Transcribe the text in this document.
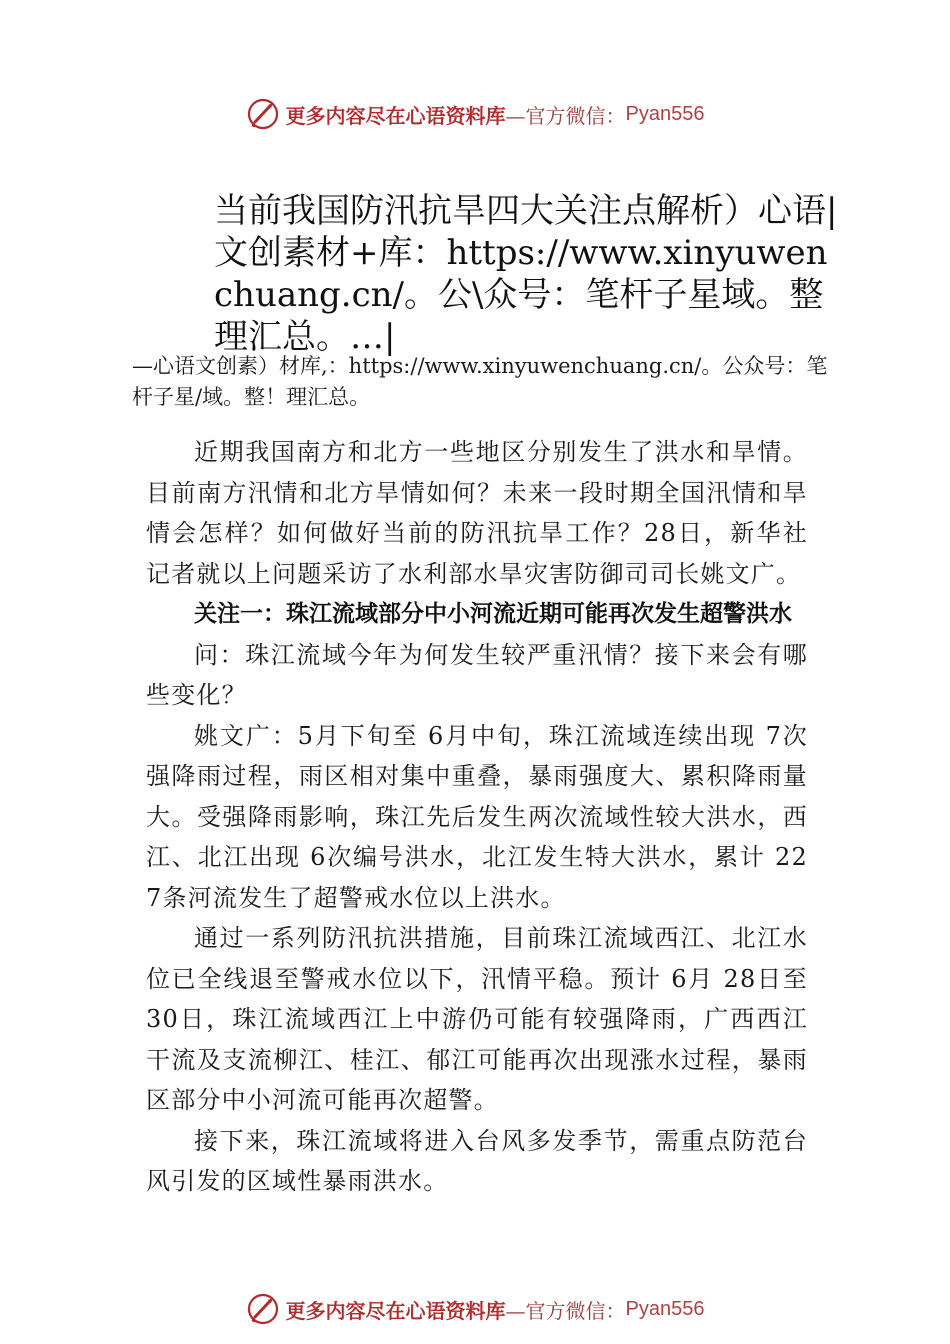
更多内容尽在心语资料库 —官方微信： Pyan556
当前我国防汛抗旱四大关注点解析）心语|文创素材+库：https://www.xinyuwenchuang.cn/。公\众号：笔杆子星域。整理汇总。…|
—心语文创素）材库,：https://www.xinyuwenchuang.cn/。公众号：笔杆子星/域。整！理汇总。

近期我国南方和北方一些地区分别发生了洪水和旱情。目前南方汛情和北方旱情如何？未来一段时期全国汛情和旱情会怎样？如何做好当前的防汛抗旱工作？28日，新华社记者就以上问题采访了水利部水旱灾害防御司司长姚文广。

关注一：珠江流域部分中小河流近期可能再次发生超警洪水

问：珠江流域今年为何发生较严重汛情？接下来会有哪些变化？

姚文广：5月下旬至 6月中旬，珠江流域连续出现 7次强降雨过程，雨区相对集中重叠，暴雨强度大、累积降雨量大。受强降雨影响，珠江先后发生两次流域性较大洪水，西江、北江出现 6次编号洪水，北江发生特大洪水，累计 227条河流发生了超警戒水位以上洪水。

通过一系列防汛抗洪措施，目前珠江流域西江、北江水位已全线退至警戒水位以下，汛情平稳。预计 6月 28日至 30日，珠江流域西江上中游仍可能有较强降雨，广西西江干流及支流柳江、桂江、郁江可能再次出现涨水过程，暴雨区部分中小河流可能再次超警。

接下来，珠江流域将进入台风多发季节，需重点防范台风引发的区域性暴雨洪水。

更多内容尽在心语资料库 —官方微信： Pyan556
